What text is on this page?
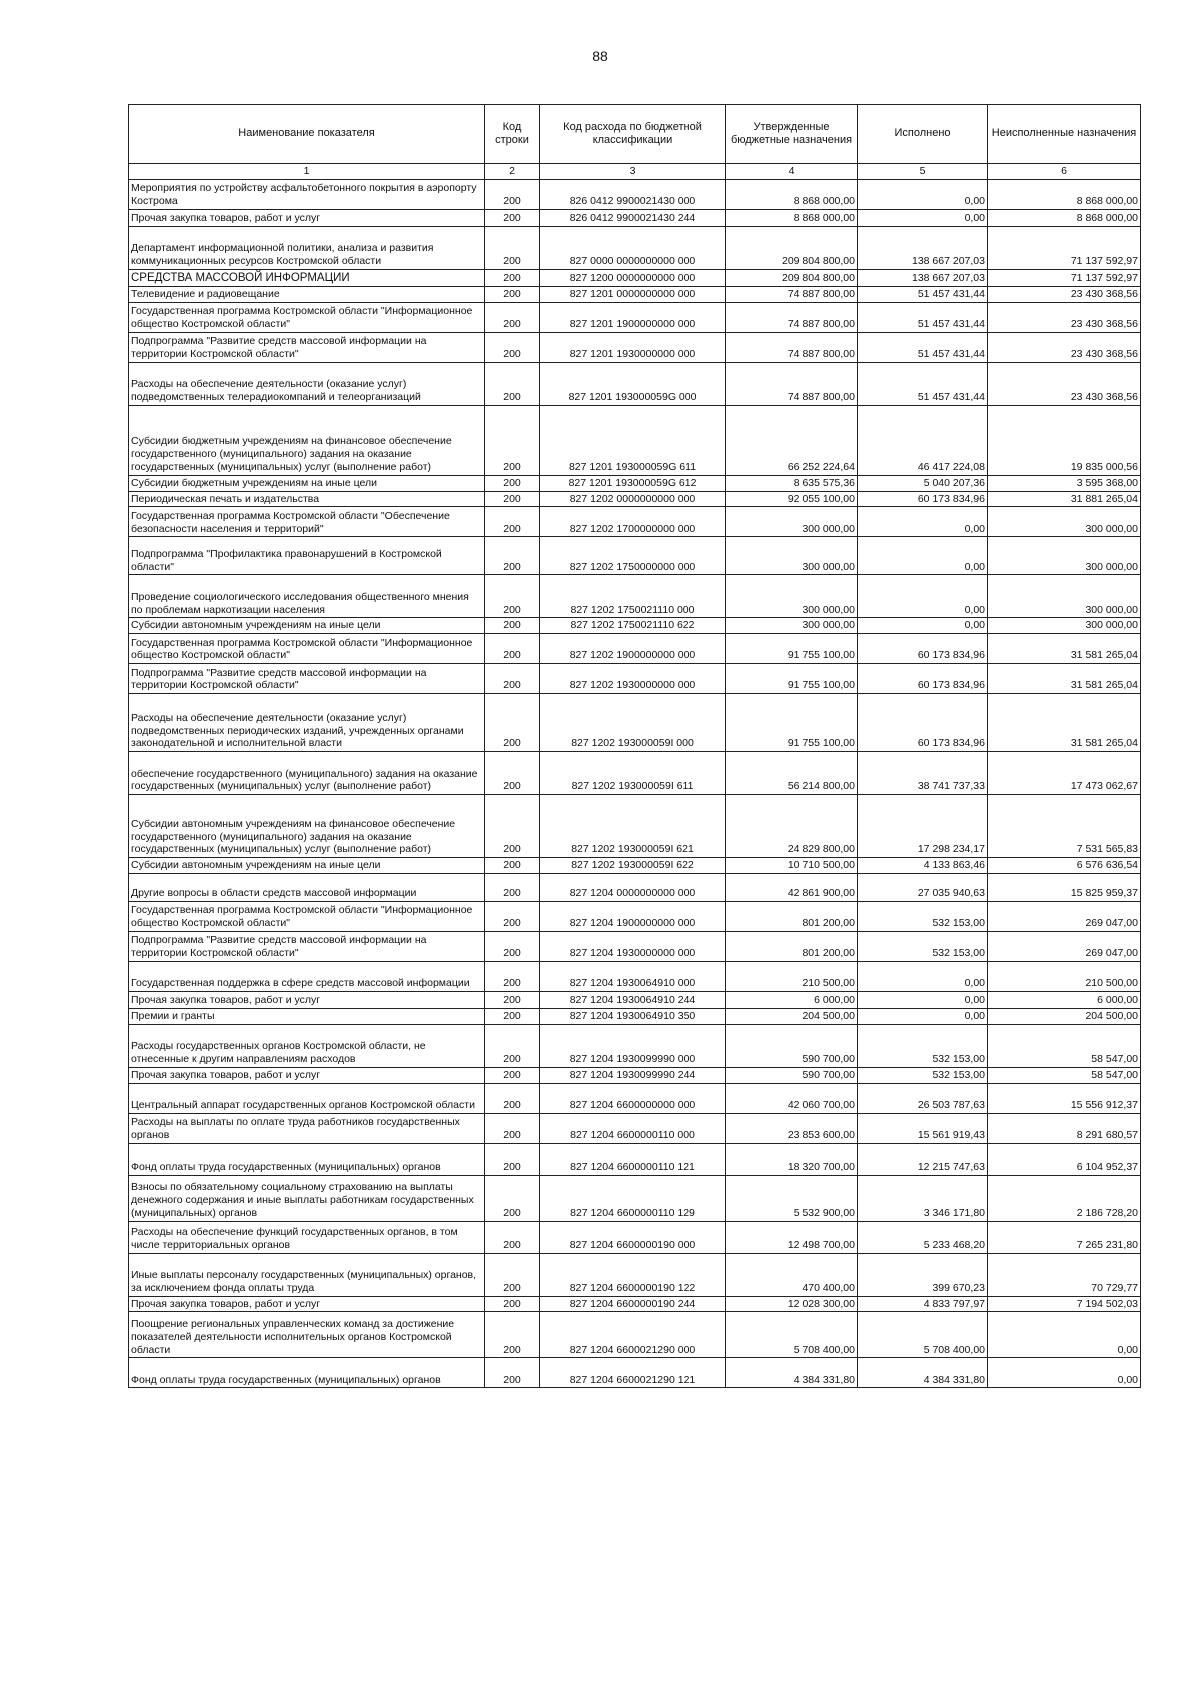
88
Наименование показателя	Код строки	Код расхода по бюджетной классификации	Утвержденные бюджетные назначения	Исполнено	Неисполненные назначения
1	2	3	4	5	6
Мероприятия по устройству асфальтобетонного покрытия в аэропорту Кострома	200	826 0412 9900021430 000	8 868 000,00	0,00	8 868 000,00
Прочая закупка товаров, работ и услуг	200	826 0412 9900021430 244	8 868 000,00	0,00	8 868 000,00
Департамент информационной политики, анализа и развития коммуникационных ресурсов Костромской области	200	827 0000 0000000000 000	209 804 800,00	138 667 207,03	71 137 592,97
СРЕДСТВА МАССОВОЙ ИНФОРМАЦИИ	200	827 1200 0000000000 000	209 804 800,00	138 667 207,03	71 137 592,97
Телевидение и радиовещание	200	827 1201 0000000000 000	74 887 800,00	51 457 431,44	23 430 368,56
Государственная программа Костромской области "Информационное общество Костромской области"	200	827 1201 1900000000 000	74 887 800,00	51 457 431,44	23 430 368,56
Подпрограмма "Развитие средств массовой информации на территории Костромской области"	200	827 1201 1930000000 000	74 887 800,00	51 457 431,44	23 430 368,56
Расходы на обеспечение деятельности (оказание услуг) подведомственных телерадиокомпаний и телеорганизаций	200	827 1201 193000059G 000	74 887 800,00	51 457 431,44	23 430 368,56
Субсидии бюджетным учреждениям на финансовое обеспечение государственного (муниципального) задания на оказание государственных (муниципальных) услуг (выполнение работ)	200	827 1201 193000059G 611	66 252 224,64	46 417 224,08	19 835 000,56
Субсидии бюджетным учреждениям на иные цели	200	827 1201 193000059G 612	8 635 575,36	5 040 207,36	3 595 368,00
Периодическая печать и издательства	200	827 1202 0000000000 000	92 055 100,00	60 173 834,96	31 881 265,04
Государственная программа Костромской области "Обеспечение безопасности населения и территорий"	200	827 1202 1700000000 000	300 000,00	0,00	300 000,00
Подпрограмма "Профилактика правонарушений в Костромской области"	200	827 1202 1750000000 000	300 000,00	0,00	300 000,00
Проведение социологического исследования общественного мнения по проблемам наркотизации населения	200	827 1202 1750021110 000	300 000,00	0,00	300 000,00
Субсидии автономным учреждениям на иные цели	200	827 1202 1750021110 622	300 000,00	0,00	300 000,00
Государственная программа Костромской области "Информационное общество Костромской области"	200	827 1202 1900000000 000	91 755 100,00	60 173 834,96	31 581 265,04
Подпрограмма "Развитие средств массовой информации на территории Костромской области"	200	827 1202 1930000000 000	91 755 100,00	60 173 834,96	31 581 265,04
Расходы на обеспечение деятельности (оказание услуг) подведомственных периодических изданий, учрежденных органами законодательной и исполнительной власти	200	827 1202 193000059I 000	91 755 100,00	60 173 834,96	31 581 265,04
обеспечение государственного (муниципального) задания на оказание государственных (муниципальных) услуг (выполнение работ)	200	827 1202 193000059I 611	56 214 800,00	38 741 737,33	17 473 062,67
Субсидии автономным учреждениям на финансовое обеспечение государственного (муниципального) задания на оказание государственных (муниципальных) услуг (выполнение работ)	200	827 1202 193000059I 621	24 829 800,00	17 298 234,17	7 531 565,83
Субсидии автономным учреждениям на иные цели	200	827 1202 193000059I 622	10 710 500,00	4 133 863,46	6 576 636,54
Другие вопросы в области средств массовой информации	200	827 1204 0000000000 000	42 861 900,00	27 035 940,63	15 825 959,37
Государственная программа Костромской области "Информационное общество Костромской области"	200	827 1204 1900000000 000	801 200,00	532 153,00	269 047,00
Подпрограмма "Развитие средств массовой информации на территории Костромской области"	200	827 1204 1930000000 000	801 200,00	532 153,00	269 047,00
Государственная поддержка в сфере средств массовой информации	200	827 1204 1930064910 000	210 500,00	0,00	210 500,00
Прочая закупка товаров, работ и услуг	200	827 1204 1930064910 244	6 000,00	0,00	6 000,00
Премии и гранты	200	827 1204 1930064910 350	204 500,00	0,00	204 500,00
Расходы государственных органов Костромской области, не отнесенные к другим направлениям расходов	200	827 1204 1930099990 000	590 700,00	532 153,00	58 547,00
Прочая закупка товаров, работ и услуг	200	827 1204 1930099990 244	590 700,00	532 153,00	58 547,00
Центральный аппарат государственных органов Костромской области	200	827 1204 6600000000 000	42 060 700,00	26 503 787,63	15 556 912,37
Расходы на выплаты по оплате труда работников государственных органов	200	827 1204 6600000110 000	23 853 600,00	15 561 919,43	8 291 680,57
Фонд оплаты труда государственных (муниципальных) органов	200	827 1204 6600000110 121	18 320 700,00	12 215 747,63	6 104 952,37
Взносы по обязательному социальному страхованию на выплаты денежного содержания и иные выплаты работникам государственных (муниципальных) органов	200	827 1204 6600000110 129	5 532 900,00	3 346 171,80	2 186 728,20
Расходы на обеспечение функций государственных органов, в том числе территориальных органов	200	827 1204 6600000190 000	12 498 700,00	5 233 468,20	7 265 231,80
Иные выплаты персоналу государственных (муниципальных) органов, за исключением фонда оплаты труда	200	827 1204 6600000190 122	470 400,00	399 670,23	70 729,77
Прочая закупка товаров, работ и услуг	200	827 1204 6600000190 244	12 028 300,00	4 833 797,97	7 194 502,03
Поощрение региональных управленческих команд за достижение показателей деятельности исполнительных органов Костромской области	200	827 1204 6600021290 000	5 708 400,00	5 708 400,00	0,00
Фонд оплаты труда государственных (муниципальных) органов	200	827 1204 6600021290 121	4 384 331,80	4 384 331,80	0,00
